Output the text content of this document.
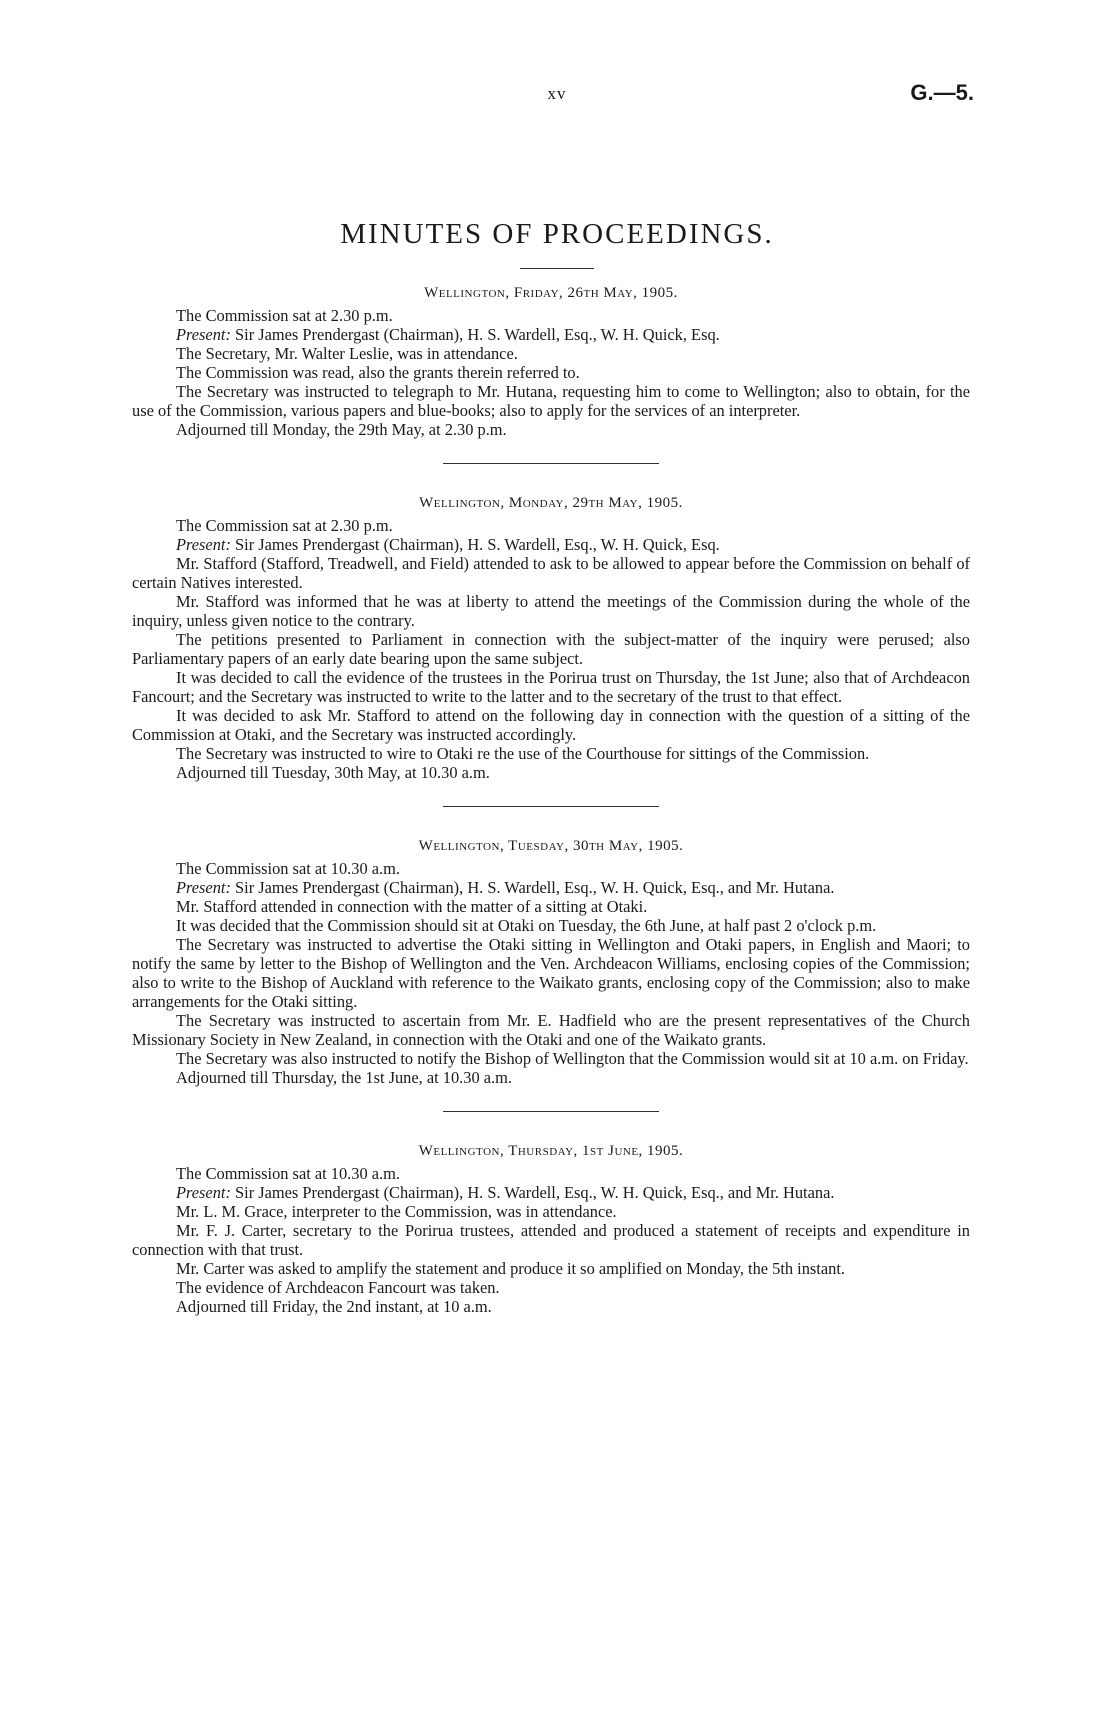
xv	G.—5.
MINUTES OF PROCEEDINGS.
Wellington, Friday, 26th May, 1905.

The Commission sat at 2.30 p.m.

Present: Sir James Prendergast (Chairman), H. S. Wardell, Esq., W. H. Quick, Esq.

The Secretary, Mr. Walter Leslie, was in attendance.

The Commission was read, also the grants therein referred to.

The Secretary was instructed to telegraph to Mr. Hutana, requesting him to come to Wellington; also to obtain, for the use of the Commission, various papers and blue-books; also to apply for the services of an interpreter.

Adjourned till Monday, the 29th May, at 2.30 p.m.

Wellington, Monday, 29th May, 1905.

The Commission sat at 2.30 p.m.

Present: Sir James Prendergast (Chairman), H. S. Wardell, Esq., W. H. Quick, Esq.

Mr. Stafford (Stafford, Treadwell, and Field) attended to ask to be allowed to appear before the Commission on behalf of certain Natives interested.

Mr. Stafford was informed that he was at liberty to attend the meetings of the Commission during the whole of the inquiry, unless given notice to the contrary.

The petitions presented to Parliament in connection with the subject-matter of the inquiry were perused; also Parliamentary papers of an early date bearing upon the same subject.

It was decided to call the evidence of the trustees in the Porirua trust on Thursday, the 1st June; also that of Archdeacon Fancourt; and the Secretary was instructed to write to the latter and to the secretary of the trust to that effect.

It was decided to ask Mr. Stafford to attend on the following day in connection with the question of a sitting of the Commission at Otaki, and the Secretary was instructed accordingly.

The Secretary was instructed to wire to Otaki re the use of the Courthouse for sittings of the Commission.

Adjourned till Tuesday, 30th May, at 10.30 a.m.

Wellington, Tuesday, 30th May, 1905.

The Commission sat at 10.30 a.m.

Present: Sir James Prendergast (Chairman), H. S. Wardell, Esq., W. H. Quick, Esq., and Mr. Hutana.

Mr. Stafford attended in connection with the matter of a sitting at Otaki.

It was decided that the Commission should sit at Otaki on Tuesday, the 6th June, at half past 2 o'clock p.m.

The Secretary was instructed to advertise the Otaki sitting in Wellington and Otaki papers, in English and Maori; to notify the same by letter to the Bishop of Wellington and the Ven. Archdeacon Williams, enclosing copies of the Commission; also to write to the Bishop of Auckland with reference to the Waikato grants, enclosing copy of the Commission; also to make arrangements for the Otaki sitting.

The Secretary was instructed to ascertain from Mr. E. Hadfield who are the present representatives of the Church Missionary Society in New Zealand, in connection with the Otaki and one of the Waikato grants.

The Secretary was also instructed to notify the Bishop of Wellington that the Commission would sit at 10 a.m. on Friday.

Adjourned till Thursday, the 1st June, at 10.30 a.m.

Wellington, Thursday, 1st June, 1905.

The Commission sat at 10.30 a.m.

Present: Sir James Prendergast (Chairman), H. S. Wardell, Esq., W. H. Quick, Esq., and Mr. Hutana.

Mr. L. M. Grace, interpreter to the Commission, was in attendance.

Mr. F. J. Carter, secretary to the Porirua trustees, attended and produced a statement of receipts and expenditure in connection with that trust.

Mr. Carter was asked to amplify the statement and produce it so amplified on Monday, the 5th instant.

The evidence of Archdeacon Fancourt was taken.

Adjourned till Friday, the 2nd instant, at 10 a.m.
